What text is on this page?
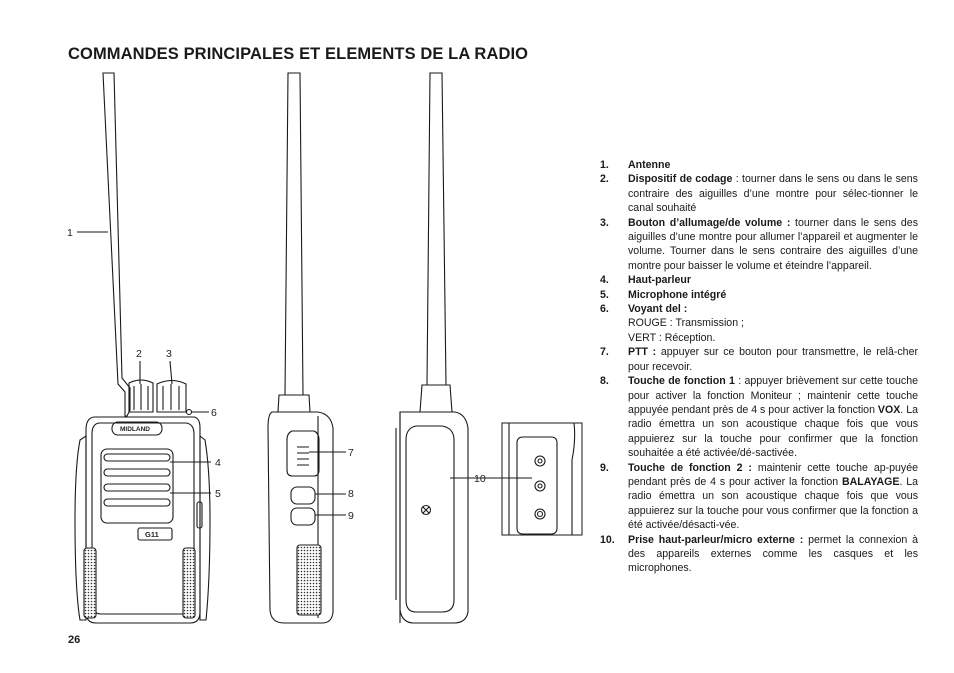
COMMANDES PRINCIPALES ET ELEMENTS DE LA RADIO
MIDLAND
G11
1
2 3
6
4
5
7
8
9
10
1.	Antenne
2.	Dispositif de codage : tourner dans le sens ou dans le sens contraire des aiguilles d’une montre pour sélec-tionner le canal souhaité
3.	Bouton d’allumage/de volume : tourner dans le sens des aiguilles d’une montre pour allumer l’appareil et augmenter le volume. Tourner dans le sens contraire des aiguilles d’une montre pour baisser le volume et éteindre l’appareil.
4.	Haut-parleur
5.	Microphone intégré
6.	Voyant del :
ROUGE : Transmission ;
VERT : Réception.
7.	PTT : appuyer sur ce bouton pour transmettre, le relâ-cher pour recevoir.
8.	Touche de fonction 1 : appuyer brièvement sur cette touche pour activer la fonction Moniteur ; maintenir cette touche appuyée pendant près de 4 s pour activer la fonction VOX. La radio émettra un son acoustique chaque fois que vous appuierez sur la touche pour confirmer que la fonction souhaitée a été activée/dé-sactivée.
9.	Touche de fonction 2 : maintenir cette touche ap-puyée pendant près de 4 s pour activer la fonction BALAYAGE. La radio émettra un son acoustique chaque fois que vous appuierez sur la touche pour vous confirmer que la fonction a été activée/désacti-vée.
10.	Prise haut-parleur/micro externe : permet la connexion à des appareils externes comme les casques et les microphones.
26
